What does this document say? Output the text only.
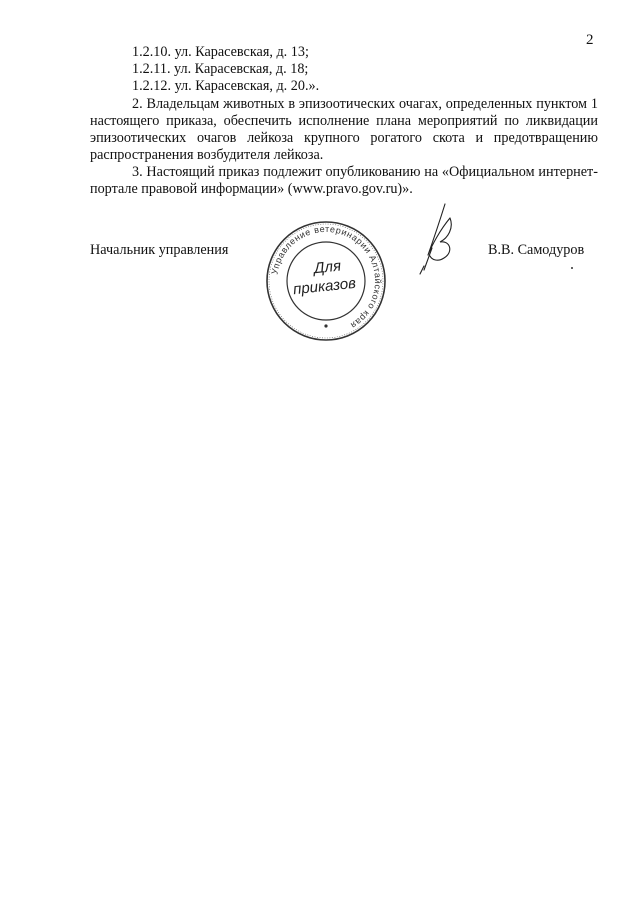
2
1.2.10. ул. Карасевская, д. 13;
1.2.11. ул. Карасевская, д. 18;
1.2.12. ул. Карасевская, д. 20.».
2. Владельцам животных в эпизоотических очагах, определенных пунктом 1
настоящего приказа, обеспечить исполнение плана мероприятий по ликвидации
эпизоотических очагов лейкоза крупного рогатого скота и предотвращению
распространения возбудителя лейкоза.
3. Настоящий приказ подлежит опубликованию на «Официальном интернет-
портале правовой информации» (www.pravo.gov.ru)».
Начальник управления	В.В. Самодуров
Управление ветеринарии Алтайского края
Для
приказов
